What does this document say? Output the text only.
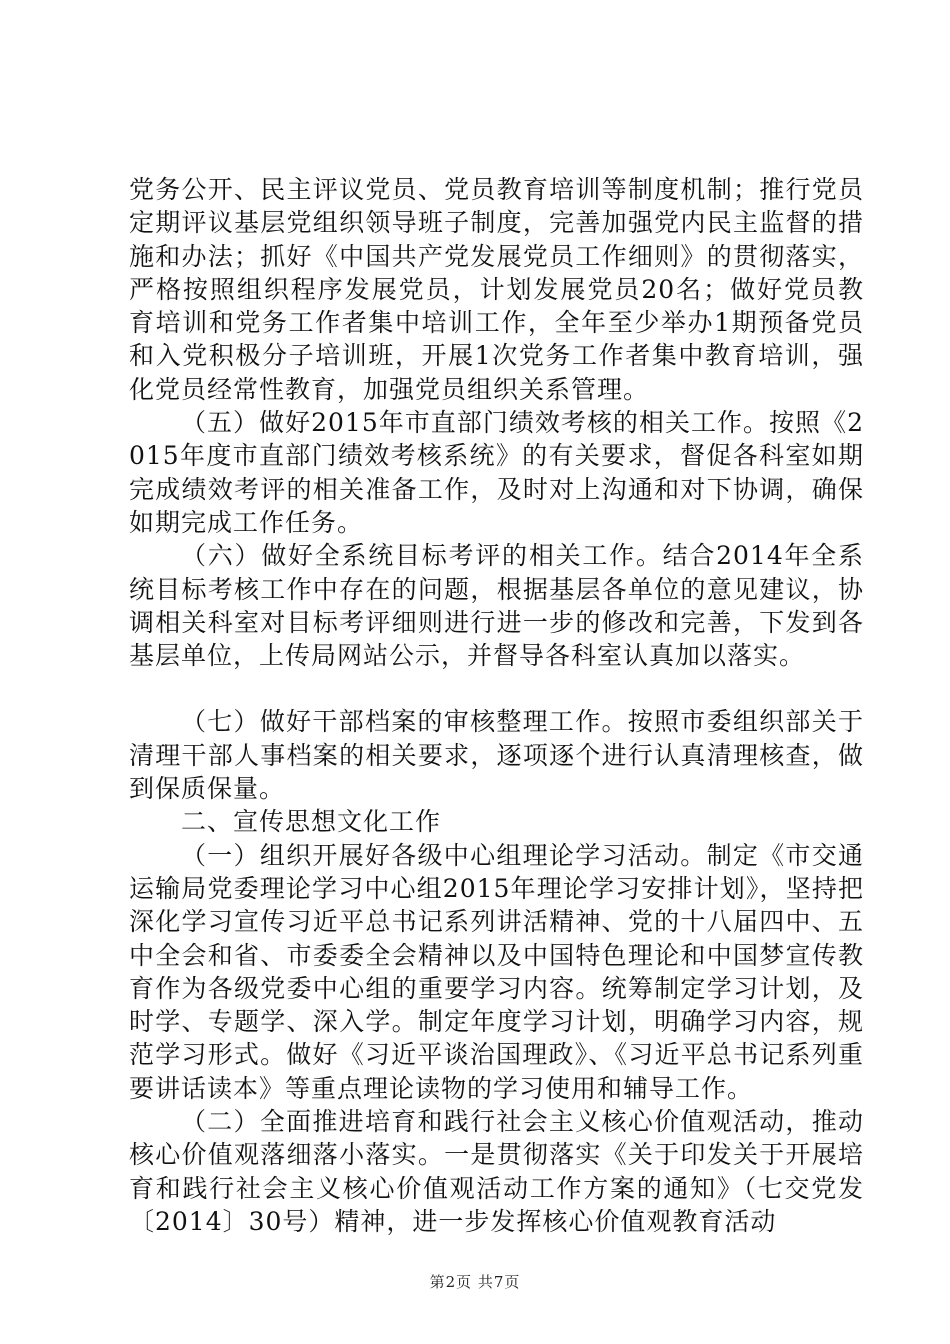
党务公开、民主评议党员、党员教育培训等制度机制；推行党员定期评议基层党组织领导班子制度，完善加强党内民主监督的措施和办法；抓好《中国共产党发展党员工作细则》的贯彻落实，严格按照组织程序发展党员，计划发展党员20名；做好党员教育培训和党务工作者集中培训工作，全年至少举办1期预备党员和入党积极分子培训班，开展1次党务工作者集中教育培训，强化党员经常性教育，加强党员组织关系管理。

（五）做好2015年市直部门绩效考核的相关工作。按照《2015年度市直部门绩效考核系统》的有关要求，督促各科室如期完成绩效考评的相关准备工作，及时对上沟通和对下协调，确保如期完成工作任务。

（六）做好全系统目标考评的相关工作。结合2014年全系统目标考核工作中存在的问题，根据基层各单位的意见建议，协调相关科室对目标考评细则进行进一步的修改和完善，下发到各基层单位，上传局网站公示，并督导各科室认真加以落实。

（七）做好干部档案的审核整理工作。按照市委组织部关于清理干部人事档案的相关要求，逐项逐个进行认真清理核查，做到保质保量。

二、宣传思想文化工作

（一）组织开展好各级中心组理论学习活动。制定《市交通运输局党委理论学习中心组2015年理论学习安排计划》，坚持把深化学习宣传习近平总书记系列讲活精神、党的十八届四中、五中全会和省、市委委全会精神以及中国特色理论和中国梦宣传教育作为各级党委中心组的重要学习内容。统筹制定学习计划，及时学、专题学、深入学。制定年度学习计划，明确学习内容，规范学习形式。做好《习近平谈治国理政》、《习近平总书记系列重要讲话读本》等重点理论读物的学习使用和辅导工作。

（二）全面推进培育和践行社会主义核心价值观活动，推动核心价值观落细落小落实。一是贯彻落实《关于印发关于开展培育和践行社会主义核心价值观活动工作方案的通知》（七交党发〔2014〕30号）精神，进一步发挥核心价值观教育活动

第2页 共7页
